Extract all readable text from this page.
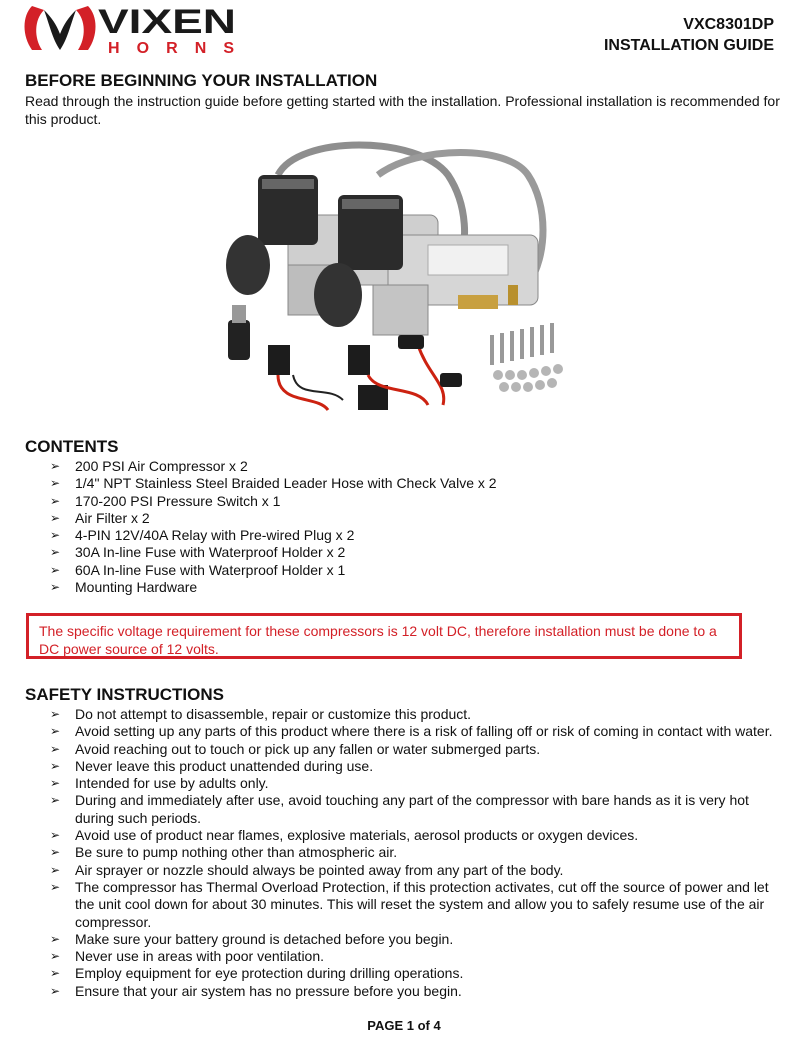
VIXEN
HORNS
VXC8301DP
INSTALLATION GUIDE
BEFORE BEGINNING YOUR INSTALLATION

Read through the instruction guide before getting started with the installation. Professional installation is recommended for this product.

CONTENTS
➢ 200 PSI Air Compressor x 2
➢ 1/4" NPT Stainless Steel Braided Leader Hose with Check Valve x 2
➢ 170-200 PSI Pressure Switch x 1
➢ Air Filter x 2
➢ 4-PIN 12V/40A Relay with Pre-wired Plug x 2
➢ 30A In-line Fuse with Waterproof Holder x 2
➢ 60A In-line Fuse with Waterproof Holder x 1
➢ Mounting Hardware
The specific voltage requirement for these compressors is 12 volt DC, therefore installation must be done to a DC power source of 12 volts.
SAFETY INSTRUCTIONS
➢ Do not attempt to disassemble, repair or customize this product.
➢ Avoid setting up any parts of this product where there is a risk of falling off or risk of coming in contact with water.
➢ Avoid reaching out to touch or pick up any fallen or water submerged parts.
➢ Never leave this product unattended during use.
➢ Intended for use by adults only.
➢ During and immediately after use, avoid touching any part of the compressor with bare hands as it is very hot during such periods.
➢ Avoid use of product near flames, explosive materials, aerosol products or oxygen devices.
➢ Be sure to pump nothing other than atmospheric air.
➢ Air sprayer or nozzle should always be pointed away from any part of the body.
➢ The compressor has Thermal Overload Protection, if this protection activates, cut off the source of power and let the unit cool down for about 30 minutes. This will reset the system and allow you to safely resume use of the air compressor.
➢ Make sure your battery ground is detached before you begin.
➢ Never use in areas with poor ventilation.
➢ Employ equipment for eye protection during drilling operations.
➢ Ensure that your air system has no pressure before you begin.
PAGE 1 of 4
